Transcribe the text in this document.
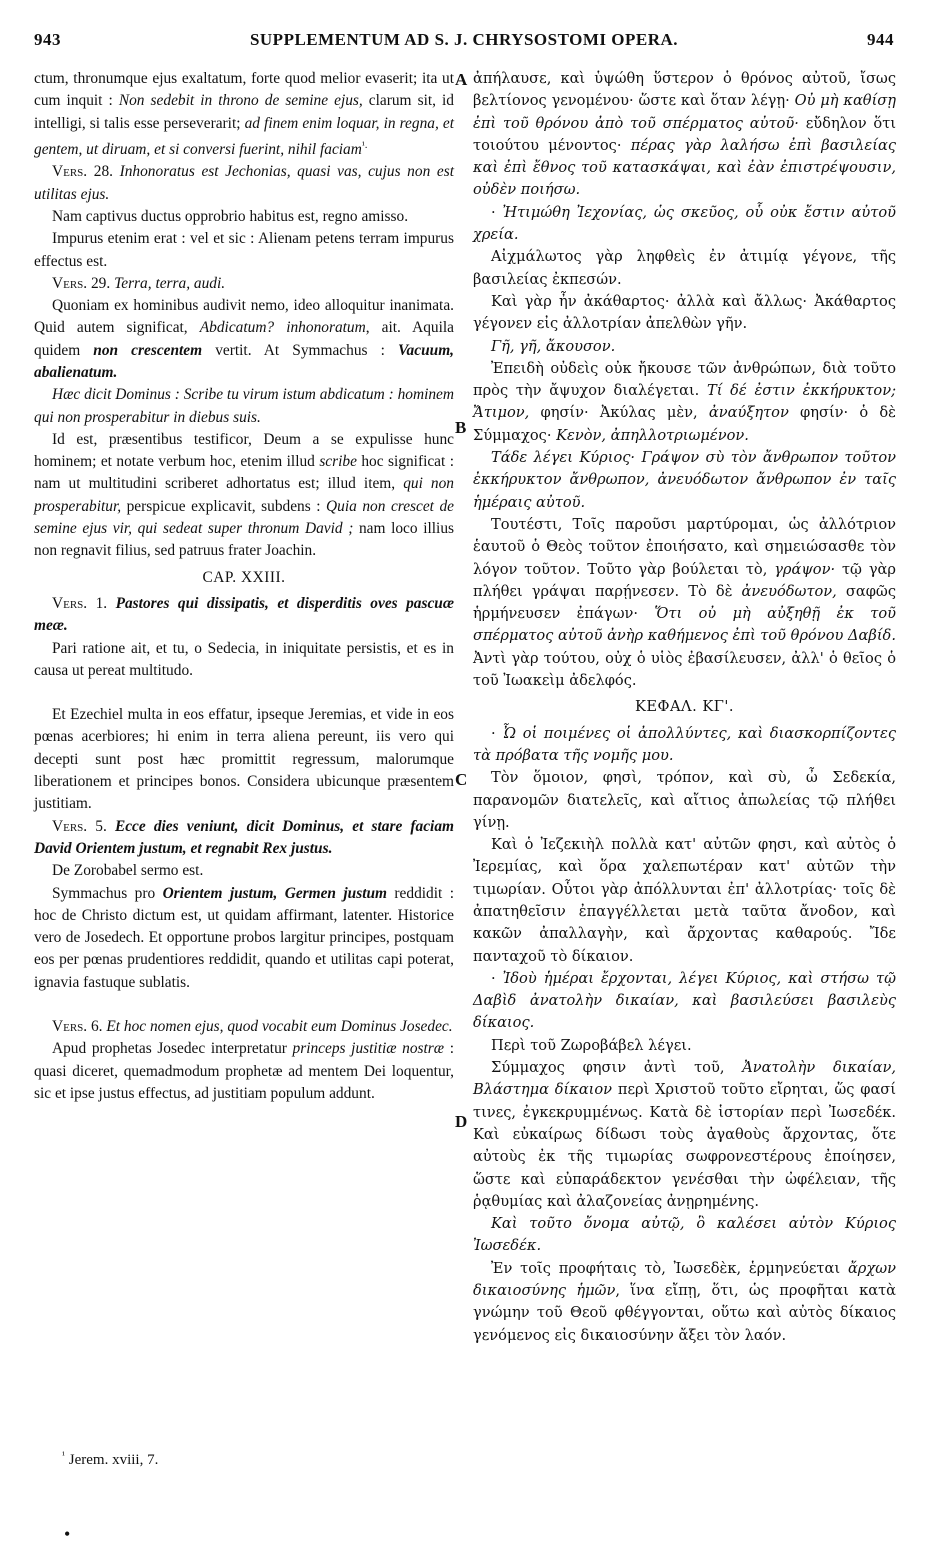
943	SUPPLEMENTUM AD S. J. CHRYSOSTOMI OPERA.	944

ctum, thronumque ejus exaltatum, forte quod melior evaserit; ita ut cum inquit : Non sedebit in throno de semine ejus, clarum sit, id intelligi, si talis esse perseverarit; ad finem enim loquar, in regna, et gentem, ut diruam, et si conversi fuerint, nihil faciam$^{^1.}$

Vers. 28. Inhonoratus est Jechonias, quasi vas, cujus non est utilitas ejus.

Nam captivus ductus opprobrio habitus est, regno amisso.

Impurus etenim erat : vel et sic : Alienam petens terram impurus effectus est.

Vers. 29. Terra, terra, audi.

Quoniam ex hominibus audivit nemo, ideo alloquitur inanimata. Quid autem significat, Abdicatum? inhonoratum, ait. Aquila quidem non crescentem vertit. At Symmachus : Vacuum, abalienatum.

Hæc dicit Dominus : Scribe tu virum istum abdicatum : hominem qui non prosperabitur in diebus suis.

Id est, præsentibus testificor, Deum a se expulisse hunc hominem; et notate verbum hoc, etenim illud scribe hoc significat : nam ut multitudini scriberet adhortatus est; illud item, qui non prosperabitur, perspicue explicavit, subdens : Quia non crescet de semine ejus vir, qui sedeat super thronum David ; nam loco illius non regnavit filius, sed patruus frater Joachin.

CAP. XXIII.

Vers. 1. Pastores qui dissipatis, et disperditis oves pascuæ meæ.

Pari ratione ait, et tu, o Sedecia, in iniquitate persistis, et es in causa ut pereat multitudo.

Et Ezechiel multa in eos effatur, ipseque Jeremias, et vide in eos pœnas acerbiores; hi enim in terra aliena pereunt, iis vero qui decepti sunt post hæc promittit regressum, malorumque liberationem et principes bonos. Considera ubicunque præsentem justitiam.

Vers. 5. Ecce dies veniunt, dicit Dominus, et stare faciam David Orientem justum, et regnabit Rex justus.

De Zorobabel sermo est.

Symmachus pro Orientem justum, Germen justum reddidit : hoc de Christo dictum est, ut quidam affirmant, latenter. Historice vero de Josedech. Et opportune probos largitur principes, postquam eos per pœnas prudentiores reddidit, quando et utilitas capi poterat, ignavia fastuque sublatis.

Vers. 6. Et hoc nomen ejus, quod vocabit eum Dominus Josedec.

Apud prophetas Josedec interpretatur princeps justitiæ nostræ : quasi diceret, quemadmodum prophetæ ad mentem Dei loquentur, sic et ipse justus effectus, ad justitiam populum addunt.

ἀπήλαυσε, καὶ ὑψώθη ὕστερον ὁ θρόνος αὐτοῦ, ἴσως βελτίονος γενομένου· ὥστε καὶ ὅταν λέγῃ· Οὐ μὴ καθίσῃ ἐπὶ τοῦ θρόνου ἀπὸ τοῦ σπέρματος αὐτοῦ· εὔδηλον ὅτι τοιούτου μένοντος· πέρας γὰρ λαλήσω ἐπὶ βασιλείας καὶ ἐπὶ ἔθνος τοῦ κατασκάψαι, καὶ ἐὰν ἐπιστρέψουσιν, οὐδὲν ποιήσω.

· Ἠτιμώθη Ἰεχονίας, ὡς σκεῦος, οὗ οὐκ ἔστιν αὐτοῦ χρεία.

Αἰχμάλωτος γὰρ ληφθεὶς ἐν ἀτιμίᾳ γέγονε, τῆς βασιλείας ἐκπεσών.

Καὶ γὰρ ἦν ἀκάθαρτος· ἀλλὰ καὶ ἄλλως· Ἀκάθαρτος γέγονεν εἰς ἀλλοτρίαν ἀπελθὼν γῆν.

Γῆ, γῆ, ἄκουσον.

Ἐπειδὴ οὐδεὶς οὐκ ἤκουσε τῶν ἀνθρώπων, διὰ τοῦτο πρὸς τὴν ἄψυχον διαλέγεται. Τί δέ ἐστιν ἐκκήρυκτον; Ἄτιμον, φησίν· Ἀκύλας μὲν, ἀναύξητον φησίν· ὁ δὲ Σύμμαχος· Κενὸν, ἀπηλλοτριωμένον.

Τάδε λέγει Κύριος· Γράψον σὺ τὸν ἄνθρωπον τοῦτον ἐκκήρυκτον ἄνθρωπον, ἀνευόδωτον ἄνθρωπον ἐν ταῖς ἡμέραις αὐτοῦ.

Τουτέστι, Τοῖς παροῦσι μαρτύρομαι, ὡς ἀλλότριον ἑαυτοῦ ὁ Θεὸς τοῦτον ἐποιήσατο, καὶ σημειώσασθε τὸν λόγον τοῦτον. Τοῦτο γὰρ βούλεται τὸ, γράψον· τῷ γὰρ πλήθει γράψαι παρῄνεσεν. Τὸ δὲ ἀνευόδωτον, σαφῶς ἡρμήνευσεν ἐπάγων· Ὅτι οὐ μὴ αὐξηθῇ ἐκ τοῦ σπέρματος αὐτοῦ ἀνὴρ καθήμενος ἐπὶ τοῦ θρόνου Δαβίδ. Ἀντὶ γὰρ τούτου, οὐχ ὁ υἱὸς ἐβασίλευσεν, ἀλλ' ὁ θεῖος ὁ τοῦ Ἰωακεὶμ ἀδελφός.

ΚΕΦΑΛ. ΚΓ'.

· Ὦ οἱ ποιμένες οἱ ἀπολλύντες, καὶ διασκορπίζοντες τὰ πρόβατα τῆς νομῆς μου.

Τὸν ὅμοιον, φησὶ, τρόπον, καὶ σὺ, ὦ Σεδεκία, παρανομῶν διατελεῖς, καὶ αἴτιος ἀπωλείας τῷ πλήθει γίνῃ.

Καὶ ὁ Ἰεζεκιὴλ πολλὰ κατ' αὐτῶν φησι, καὶ αὐτὸς ὁ Ἰερεμίας, καὶ ὅρα χαλεπωτέραν κατ' αὐτῶν τὴν τιμωρίαν. Οὗτοι γὰρ ἀπόλλυνται ἐπ' ἀλλοτρίας· τοῖς δὲ ἀπατηθεῖσιν ἐπαγγέλλεται μετὰ ταῦτα ἄνοδον, καὶ κακῶν ἀπαλλαγὴν, καὶ ἄρχοντας καθαρούς. Ἴδε πανταχοῦ τὸ δίκαιον.

· Ἰδοὺ ἡμέραι ἔρχονται, λέγει Κύριος, καὶ στήσω τῷ Δαβὶδ ἀνατολὴν δικαίαν, καὶ βασιλεύσει βασιλεὺς δίκαιος.

Περὶ τοῦ Ζωροβάβελ λέγει.

Σύμμαχος φησιν ἀντὶ τοῦ, Ἀνατολὴν δικαίαν, Βλάστημα δίκαιον περὶ Χριστοῦ τοῦτο εἴρηται, ὥς φασί τινες, ἐγκεκρυμμένως. Κατὰ δὲ ἱστορίαν περὶ Ἰωσεδέκ. Καὶ εὐκαίρως δίδωσι τοὺς ἀγαθοὺς ἄρχοντας, ὅτε αὐτοὺς ἐκ τῆς τιμωρίας σωφρονεστέρους ἐποίησεν, ὥστε καὶ εὐπαράδεκτον γενέσθαι τὴν ὠφέλειαν, τῆς ῥᾳθυμίας καὶ ἀλαζονείας ἀνῃρημένης.

Καὶ τοῦτο ὄνομα αὐτῷ, ὃ καλέσει αὐτὸν Κύριος Ἰωσεδέκ.

Ἐν τοῖς προφήταις τὸ, Ἰωσεδὲκ, ἑρμηνεύεται ἄρχων δικαιοσύνης ἡμῶν, ἵνα εἴπῃ, ὅτι, ὡς προφῆται κατὰ γνώμην τοῦ Θεοῦ φθέγγονται, οὕτω καὶ αὐτὸς δίκαιος γενόμενος εἰς δικαιοσύνην ἄξει τὸν λαόν.

A
B
C
D
$^{^1}$ Jerem. xviii, 7.
•
